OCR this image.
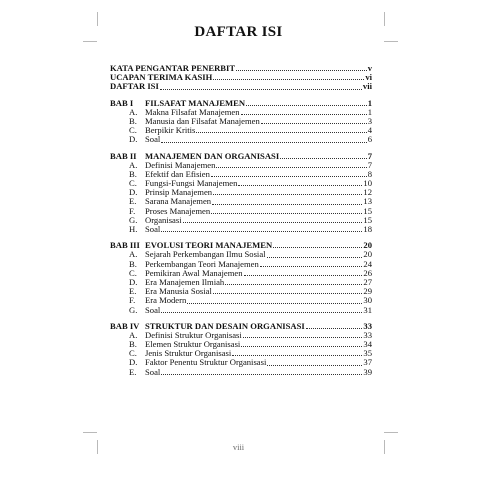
DAFTAR ISI
KATA PENGANTAR PENERBIT	v
UCAPAN TERIMA KASIH	vi
DAFTAR ISI	vii
BAB I	FILSAFAT MANAJEMEN	1
A. Makna Filsafat Manajemen	1
B. Manusia dan Filsafat Manajemen	3
C. Berpikir Kritis	4
D. Soal	6
BAB II MANAJEMEN DAN ORGANISASI	7
A. Definisi Manajemen	7
B. Efektif dan Efisien	8
C. Fungsi-Fungsi Manajemen	10
D. Prinsip Manajemen	12
E. Sarana Manajemen	13
F.	Proses Manajemen	15
G. Organisasi	15
H. Soal	18
BAB III EVOLUSI TEORI MANAJEMEN	20
A. Sejarah Perkembangan Ilmu Sosial	20
B. Perkembangan Teori Manajemen	24
C. Pemikiran Awal Manajemen	26
D. Era Manajemen Ilmiah	27
E. Era Manusia Sosial	29
F.	Era Modern	30
G. Soal	31
BAB IV STRUKTUR DAN DESAIN ORGANISASI	33
A. Definisi Struktur Organisasi	33
B. Elemen Struktur Organisasi	34
C. Jenis Struktur Organisasi	35
D. Faktor Penentu Struktur Organisasi	37
E. Soal	39
viii
